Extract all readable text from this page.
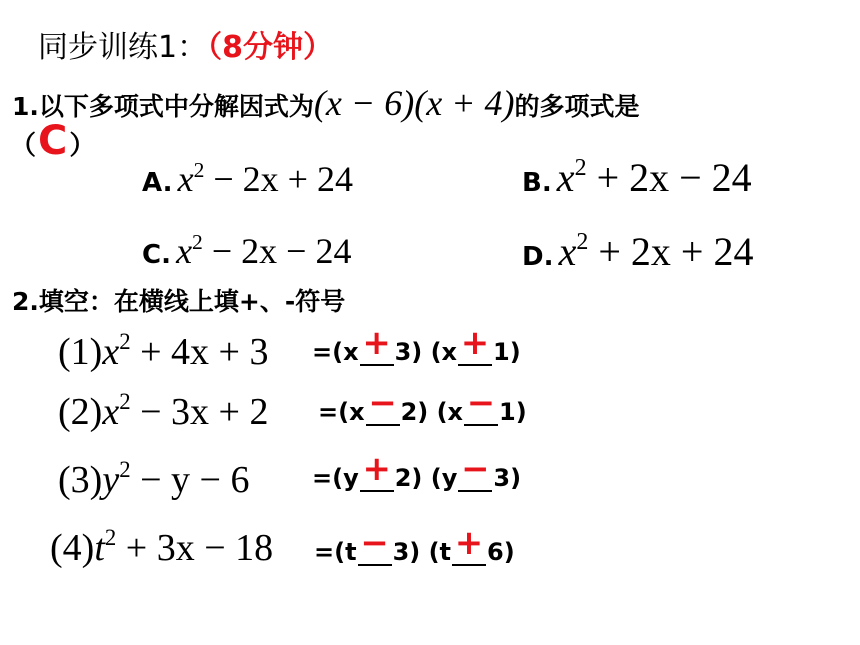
同步训练1：（8分钟）
1.以下多项式中分解因式为(x − 6)(x + 4)的多项式是
（C）
A. $x^2 - 2x + 24$	B. $x^2 + 2x - 24$
C. $x^2 - 2x - 24$	D. $x^2 + 2x + 24$
2.填空：在横线上填+、-符号
$(1)x^2 + 4x + 3$
$(2)x^2 - 3x + 2$
$(3)y^2 - y - 6$
$(4)t^2 + 3x - 18$
=(x + 3) (x + 1)
=(x − 2) (x − 1)
=(y + 2) (y − 3)
=(t − 3) (t + 6)
